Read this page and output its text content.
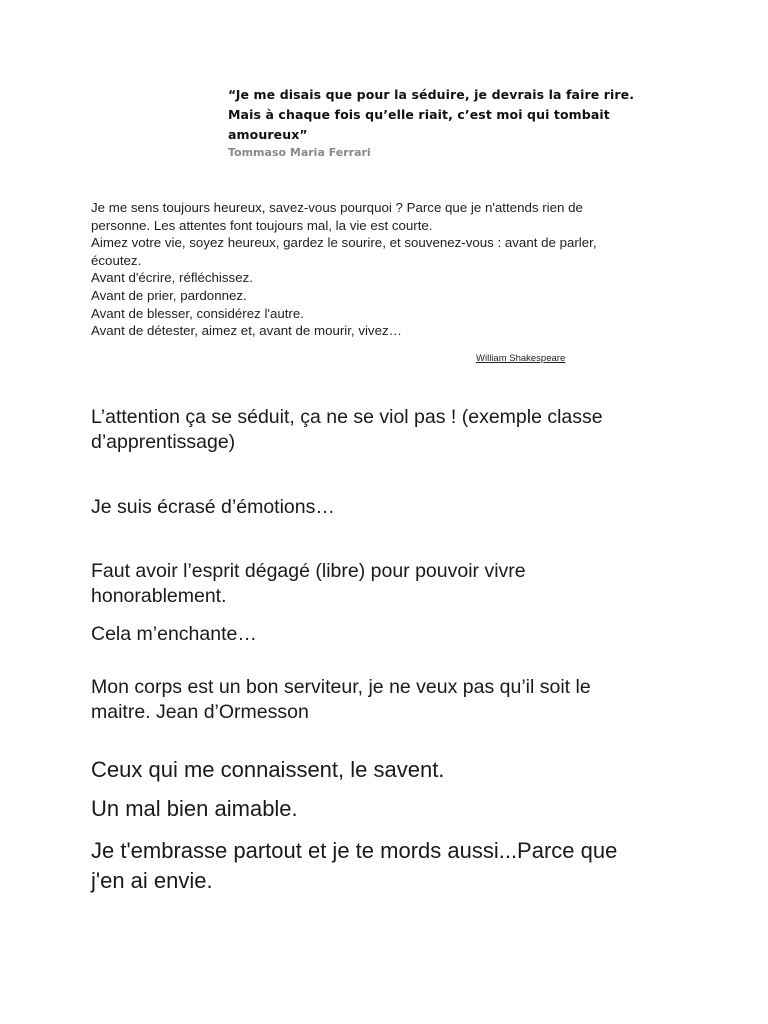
“Je me disais que pour la séduire, je devrais la faire rire.

Mais à chaque fois qu’elle riait, c’est moi qui tombait

amoureux”

Tommaso Maria Ferrari

Je me sens toujours heureux, savez-vous pourquoi ? Parce que je n'attends rien de

personne. Les attentes font toujours mal, la vie est courte.

Aimez votre vie, soyez heureux, gardez le sourire, et souvenez-vous : avant de parler,

écoutez.

Avant d'écrire, réfléchissez.

Avant de prier, pardonnez.

Avant de blesser, considérez l'autre.

Avant de détester, aimez et, avant de mourir, vivez…

William Shakespeare
L’attention ça se séduit, ça ne se viol pas ! (exemple classe
d’apprentissage)
Je suis écrasé d’émotions…
Faut avoir l’esprit dégagé (libre) pour pouvoir vivre
honorablement.
Cela m’enchante…
Mon corps est un bon serviteur, je ne veux pas qu’il soit le
maitre. Jean d’Ormesson
Ceux qui me connaissent, le savent.
Un mal bien aimable.
Je t'embrasse partout et je te mords aussi...Parce que
j'en ai envie.
